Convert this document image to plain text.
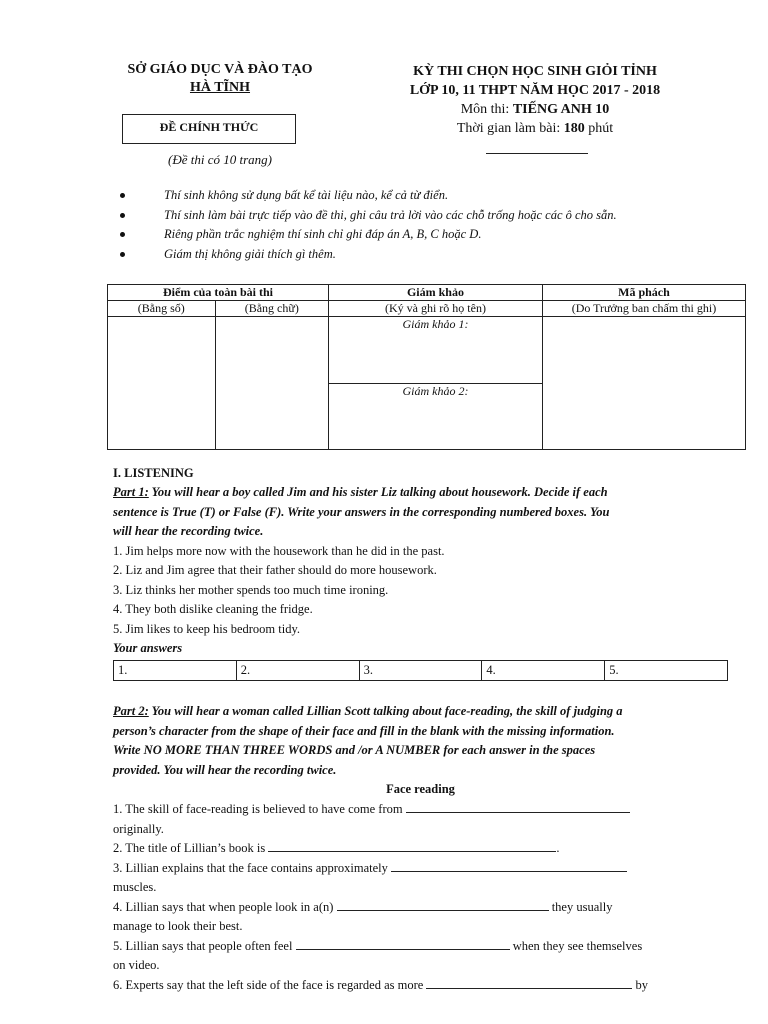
SỞ GIÁO DỤC VÀ ĐÀO TẠO
HÀ TĨNH
ĐỀ CHÍNH THỨC
(Đề thi có 10 trang)
KỲ THI CHỌN HỌC SINH GIỎI TỈNH
LỚP 10, 11 THPT NĂM HỌC 2017 - 2018
Môn thi: TIẾNG ANH 10
Thời gian làm bài: 180 phút
Thí sinh không sử dụng bất kể tài liệu nào, kể cả từ điển.
Thí sinh làm bài trực tiếp vào đề thi, ghi câu trả lời vào các chỗ trống hoặc các ô cho sẵn.
Riêng phần trắc nghiệm thí sinh chỉ ghi đáp án A, B, C hoặc D.
Giám thị không giải thích gì thêm.
Điểm của toàn bài thi		Giám khảo	Mã phách
(Bằng số)	(Bằng chữ)	(Ký và ghi rõ họ tên)	(Do Trưởng ban chấm thi ghi)
		Giám khảo 1:	
		Giám khảo 2:	
I. LISTENING
Part 1: You will hear a boy called Jim and his sister Liz talking about housework. Decide if each
sentence is True (T) or False (F). Write your answers in the corresponding numbered boxes. You
will hear the recording twice.
1. Jim helps more now with the housework than he did in the past.
2. Liz and Jim agree that their father should do more housework.
3. Liz thinks her mother spends too much time ironing.
4. They both dislike cleaning the fridge.
5. Jim likes to keep his bedroom tidy.
Your answers
1.	2.	3.	4.	5.
Part 2: You will hear a woman called Lillian Scott talking about face-reading, the skill of judging a
person’s character from the shape of their face and fill in the blank with the missing information.
Write NO MORE THAN THREE WORDS and /or A NUMBER for each answer in the spaces
provided. You will hear the recording twice.
Face reading
1. The skill of face-reading is believed to have come from
originally.
2. The title of Lillian’s book is	.
3. Lillian explains that the face contains approximately
muscles.
4. Lillian says that when people look in a(n)	they usually
manage to look their best.
5. Lillian says that people often feel	when they see themselves
on video.
6. Experts say that the left side of the face is regarded as more	by
